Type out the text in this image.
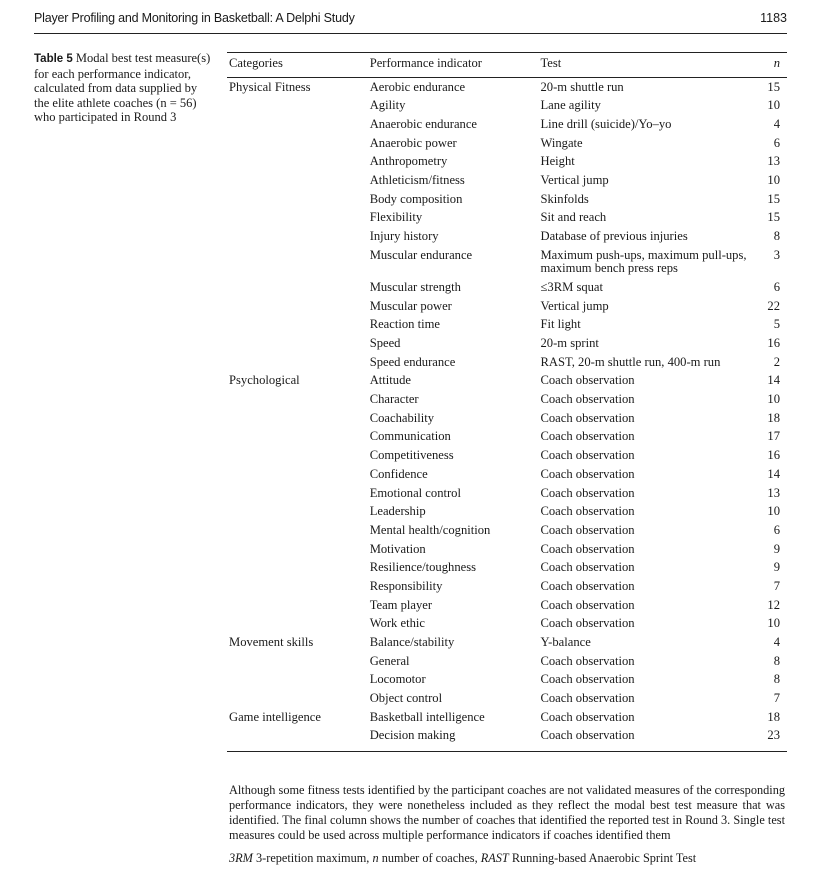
Player Profiling and Monitoring in Basketball: A Delphi Study	1183
Table 5 Modal best test measure(s) for each performance indicator, calculated from data supplied by the elite athlete coaches (n = 56) who participated in Round 3
Categories	Performance indicator	Test	n
Physical Fitness	Aerobic endurance	20-m shuttle run	15
	Agility	Lane agility	10
	Anaerobic endurance	Line drill (suicide)/Yo–yo	4
	Anaerobic power	Wingate	6
	Anthropometry	Height	13
	Athleticism/fitness	Vertical jump	10
	Body composition	Skinfolds	15
	Flexibility	Sit and reach	15
	Injury history	Database of previous injuries	8
	Muscular endurance	Maximum push-ups, maximum pull-ups, maximum bench press reps	3
	Muscular strength	≤3RM squat	6
	Muscular power	Vertical jump	22
	Reaction time	Fit light	5
	Speed	20-m sprint	16
	Speed endurance	RAST, 20-m shuttle run, 400-m run	2
Psychological	Attitude	Coach observation	14
	Character	Coach observation	10
	Coachability	Coach observation	18
	Communication	Coach observation	17
	Competitiveness	Coach observation	16
	Confidence	Coach observation	14
	Emotional control	Coach observation	13
	Leadership	Coach observation	10
	Mental health/cognition	Coach observation	6
	Motivation	Coach observation	9
	Resilience/toughness	Coach observation	9
	Responsibility	Coach observation	7
	Team player	Coach observation	12
	Work ethic	Coach observation	10
Movement skills	Balance/stability	Y-balance	4
	General	Coach observation	8
	Locomotor	Coach observation	8
	Object control	Coach observation	7
Game intelligence	Basketball intelligence	Coach observation	18
	Decision making	Coach observation	23

Although some fitness tests identified by the participant coaches are not validated measures of the corresponding performance indicators, they were nonetheless included as they reflect the modal best test measure that was identified. The final column shows the number of coaches that identified the reported test in Round 3. Single test measures could be used across multiple performance indicators if coaches identified them

3RM 3-repetition maximum, n number of coaches, RAST Running-based Anaerobic Sprint Test
